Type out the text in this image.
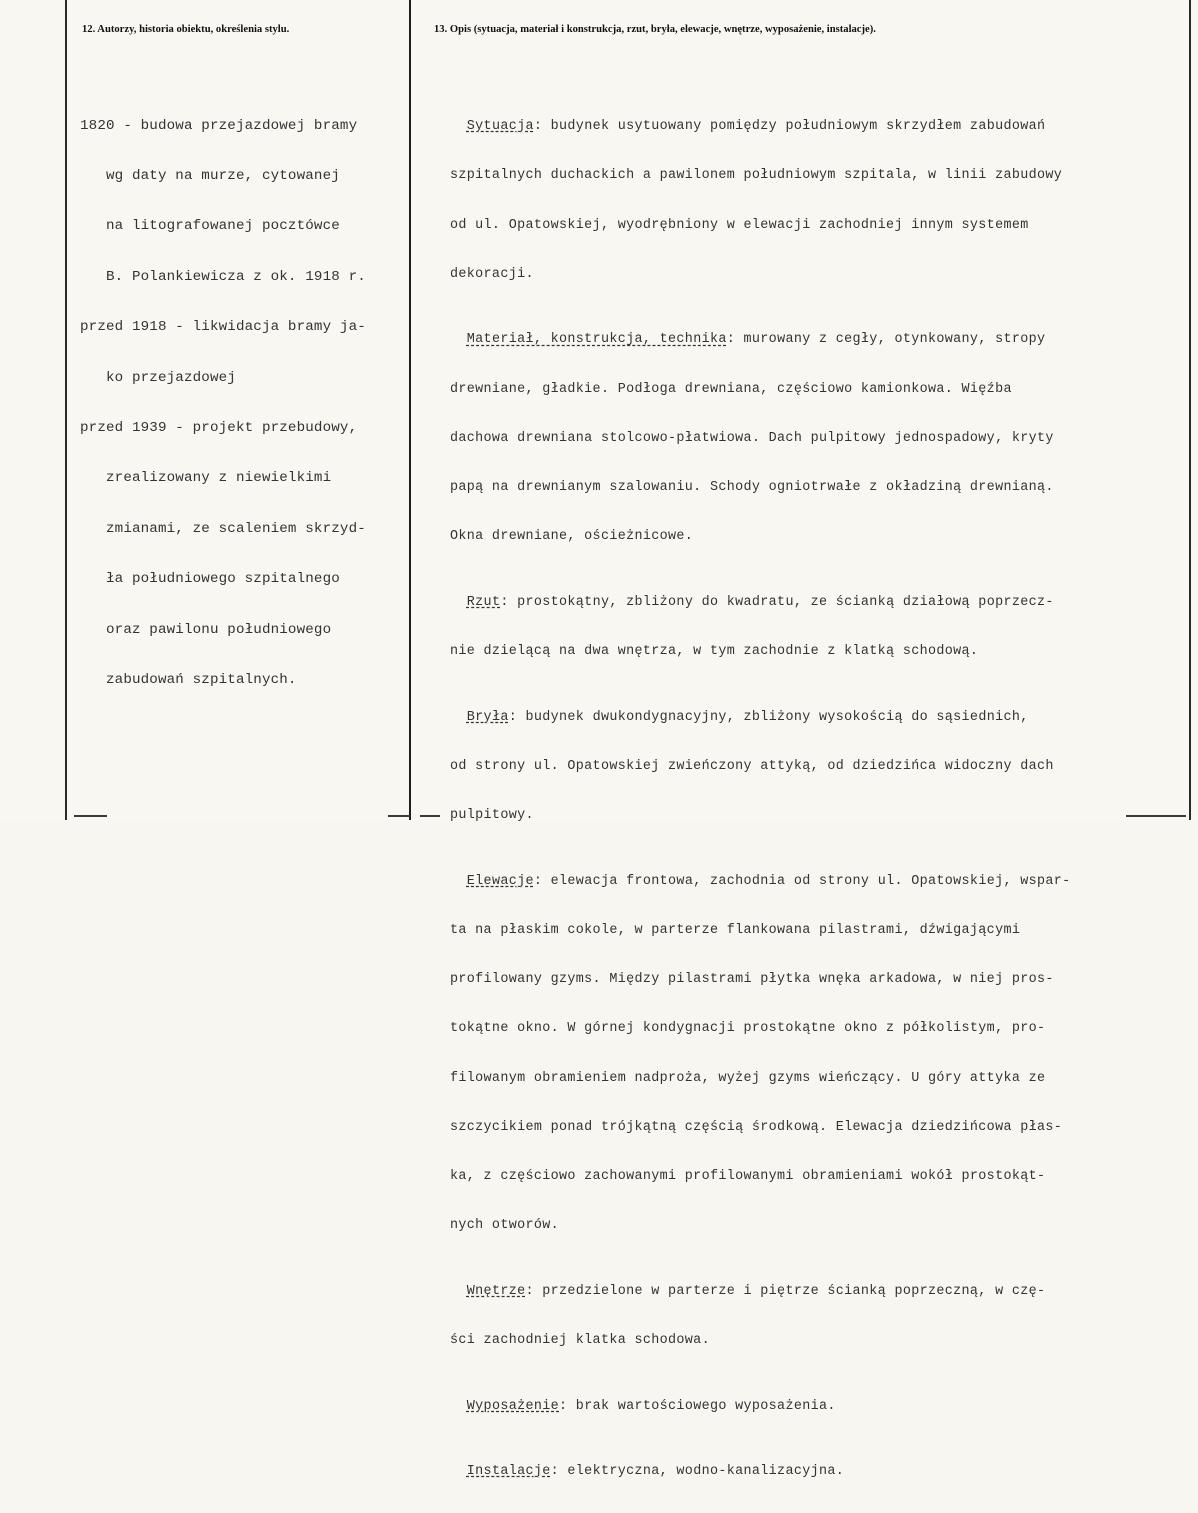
12. Autorzy, historia obiektu, określenia stylu.	13. Opis (sytuacja, materiał i konstrukcja, rzut, bryła, elewacje, wnętrze, wyposażenie, instalacje).

1820 - budowa przejazdowej bramy

wg daty na murze, cytowanej

na litografowanej pocztówce

B. Polankiewicza z ok. 1918 r.

przed 1918 - likwidacja bramy ja-

ko przejazdowej

przed 1939 - projekt przebudowy,

zrealizowany z niewielkimi

zmianami, ze scaleniem skrzyd-

ła południowego szpitalnego

oraz pawilonu południowego

zabudowań szpitalnych.

Sytuacja: budynek usytuowany pomiędzy południowym skrzydłem zabudowań

szpitalnych duchackich a pawilonem południowym szpitala, w linii zabudowy

od ul. Opatowskiej, wyodrębniony w elewacji zachodniej innym systemem

dekoracji.

Materiał, konstrukcja, technika: murowany z cegły, otynkowany, stropy

drewniane, gładkie. Podłoga drewniana, częściowo kamionkowa. Więźba

dachowa drewniana stolcowo-płatwiowa. Dach pulpitowy jednospadowy, kryty

papą na drewnianym szalowaniu. Schody ogniotrwałe z okładziną drewnianą.

Okna drewniane, ościeżnicowe.

Rzut: prostokątny, zbliżony do kwadratu, ze ścianką działową poprzecz-

nie dzielącą na dwa wnętrza, w tym zachodnie z klatką schodową.

Bryła: budynek dwukondygnacyjny, zbliżony wysokością do sąsiednich,

od strony ul. Opatowskiej zwieńczony attyką, od dziedzińca widoczny dach

pulpitowy.

Elewacje: elewacja frontowa, zachodnia od strony ul. Opatowskiej, wspar-

ta na płaskim cokole, w parterze flankowana pilastrami, dźwigającymi

profilowany gzyms. Między pilastrami płytka wnęka arkadowa, w niej pros-

tokątne okno. W górnej kondygnacji prostokątne okno z półkolistym, pro-

filowanym obramieniem nadproża, wyżej gzyms wieńczący. U góry attyka ze

szczycikiem ponad trójkątną częścią środkową. Elewacja dziedzińcowa płas-

ka, z częściowo zachowanymi profilowanymi obramieniami wokół prostokąt-

nych otworów.

Wnętrze: przedzielone w parterze i piętrze ścianką poprzeczną, w czę-

ści zachodniej klatka schodowa.

Wyposażenie: brak wartościowego wyposażenia.

Instalacje: elektryczna, wodno-kanalizacyjna.
